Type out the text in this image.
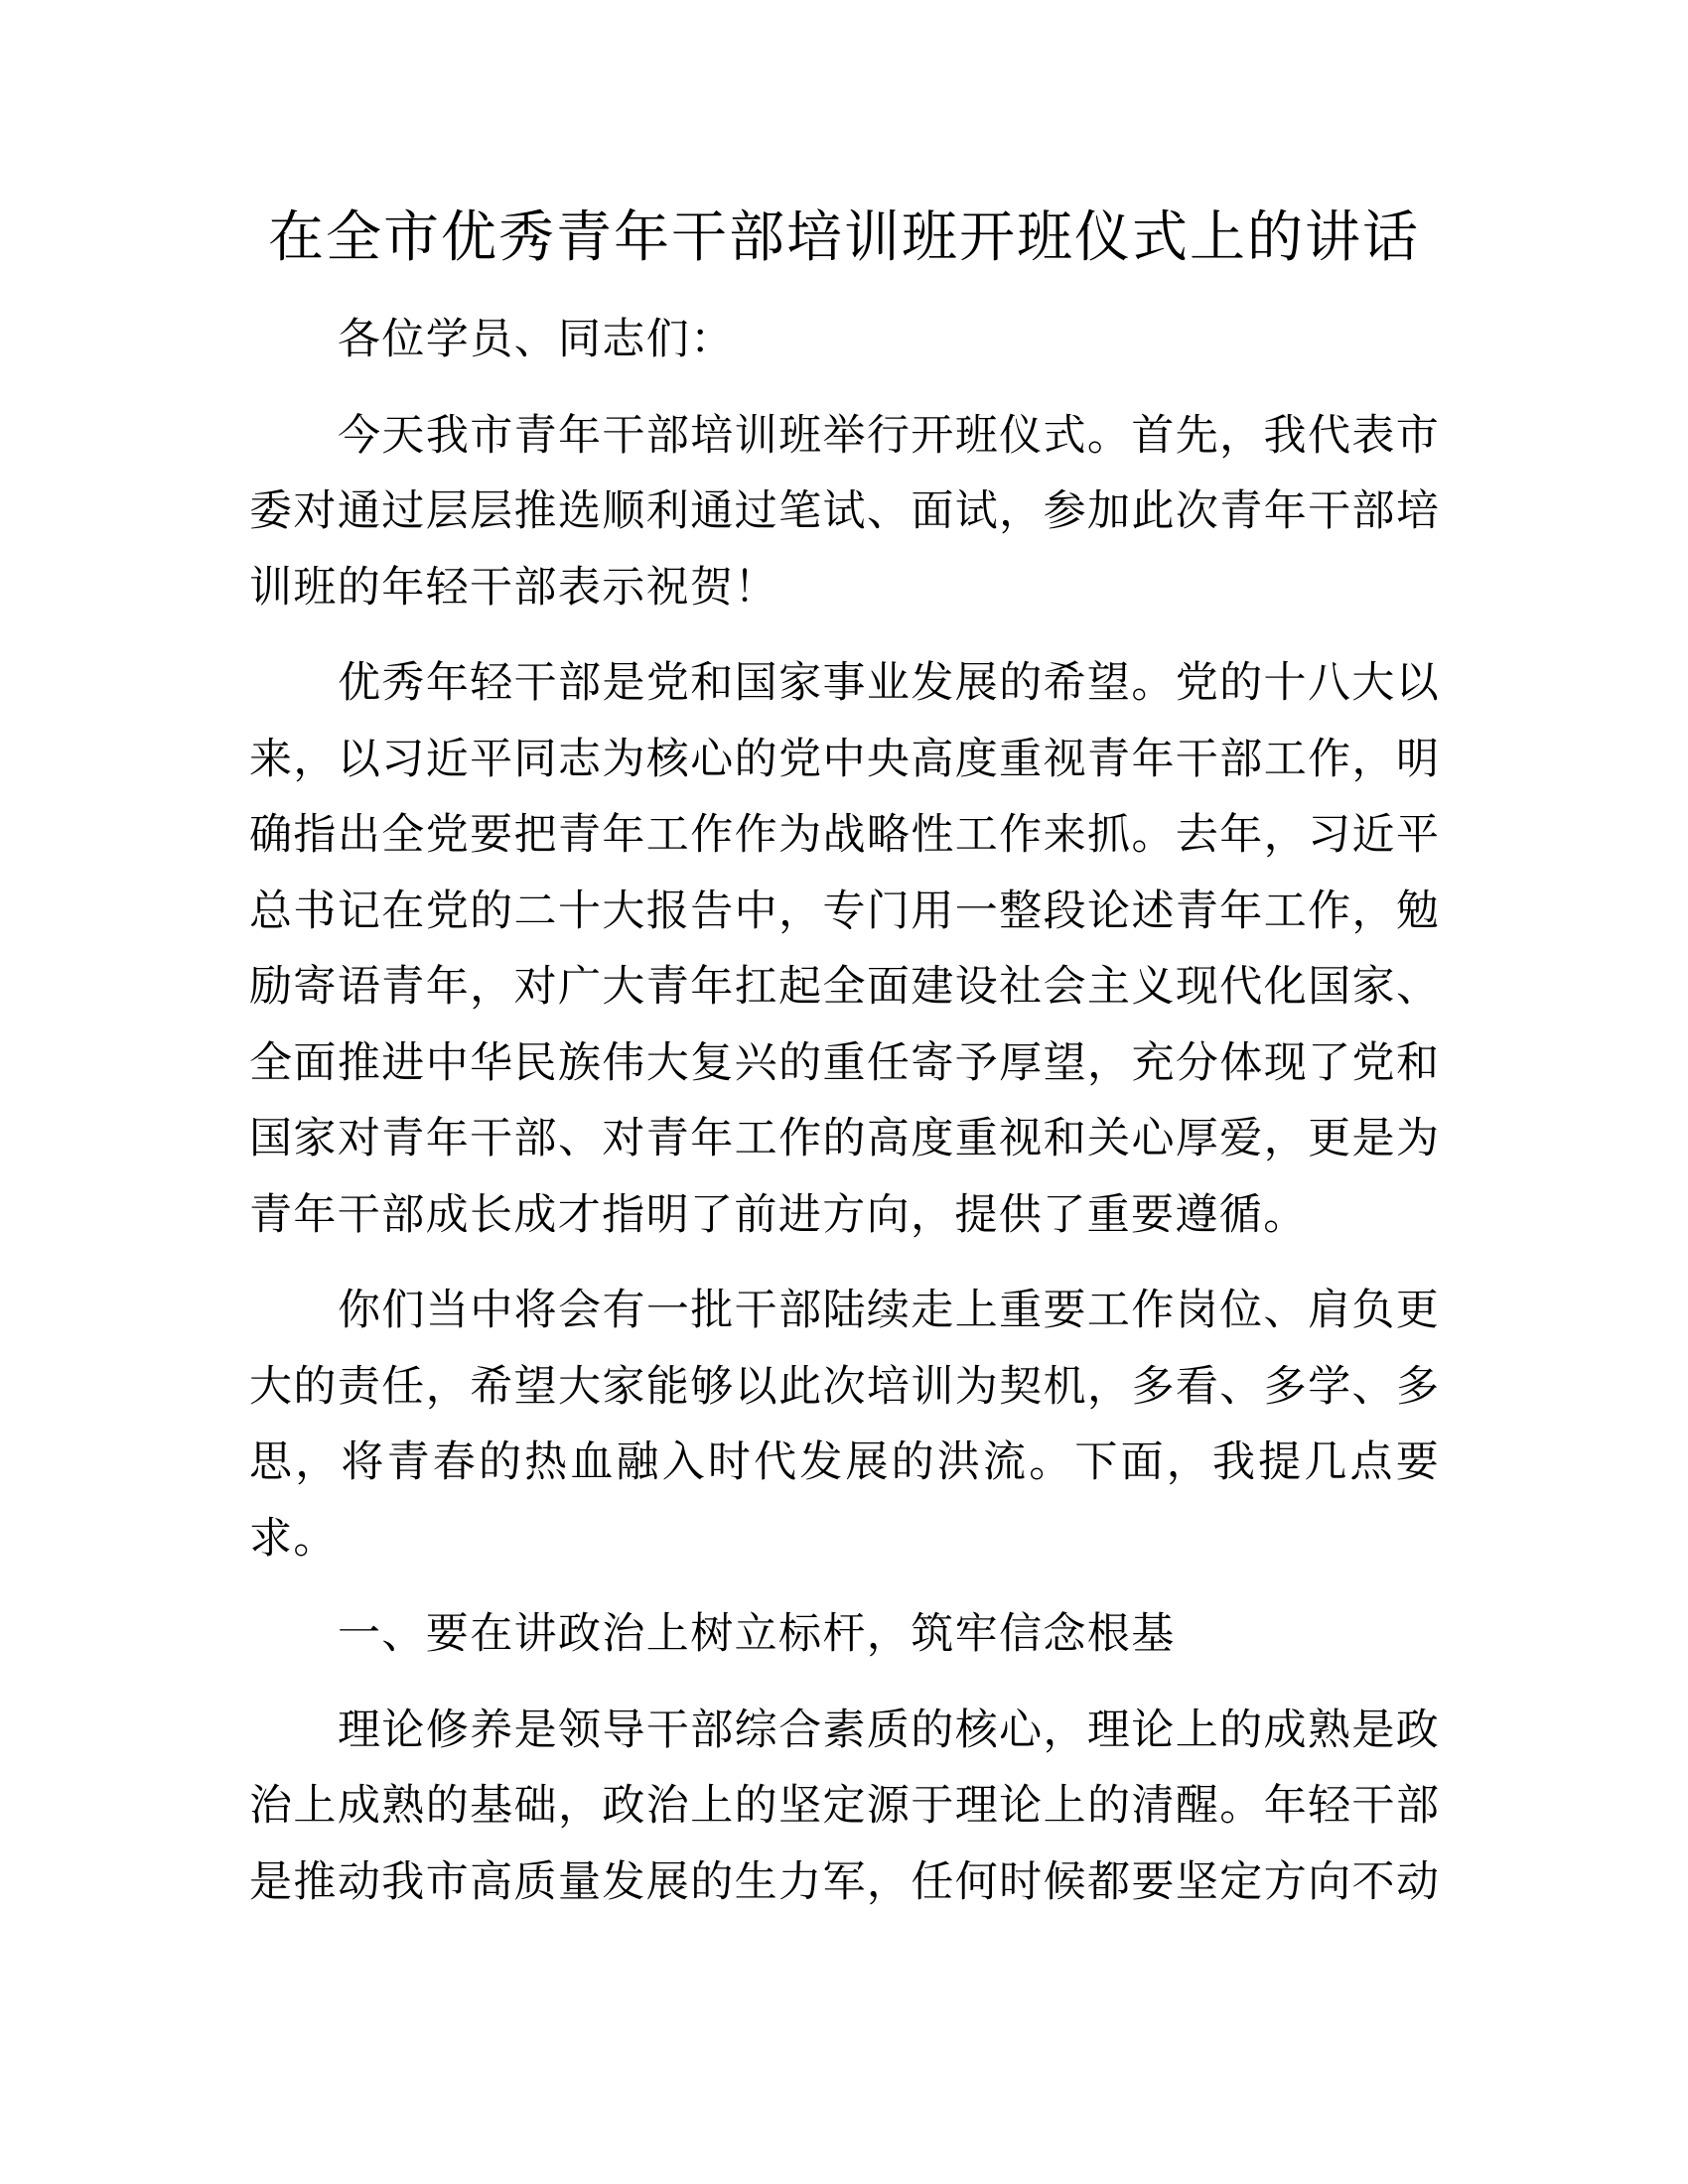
在全市优秀青年干部培训班开班仪式上的讲话
各位学员、同志们：
今 天 我 市 青 年 干 部 培 训 班 举 行 开 班 仪 式 。 首 先 ， 我 代 表 市
委 对 通 过 层 层 推 选 顺 利 通 过 笔 试 、 面 试 ， 参 加 此 次 青 年 干 部 培
训班的年轻干部表示祝贺！
优 秀 年 轻 干 部 是 党 和 国 家 事 业 发 展 的 希 望 。 党 的 十 八 大 以
来 ， 以 习 近 平 同 志 为 核 心 的 党 中 央 高 度 重 视 青 年 干 部 工 作 ， 明
确 指 出 全 党 要 把 青 年 工 作 作 为 战 略 性 工 作 来 抓 。 去 年 ， 习 近 平
总 书 记 在 党 的 二 十 大 报 告 中 ， 专 门 用 一 整 段 论 述 青 年 工 作 ， 勉
励 寄 语 青 年 ， 对 广 大 青 年 扛 起 全 面 建 设 社 会 主 义 现 代 化 国 家 、
全 面 推 进 中 华 民 族 伟 大 复 兴 的 重 任 寄 予 厚 望 ， 充 分 体 现 了 党 和
国 家 对 青 年 干 部 、 对 青 年 工 作 的 高 度 重 视 和 关 心 厚 爱 ， 更 是 为
青年干部成长成才指明了前进方向，提供了重要遵循。
你 们 当 中 将 会 有 一 批 干 部 陆 续 走 上 重 要 工 作 岗 位 、 肩 负 更
大 的 责 任 ， 希 望 大 家 能 够 以 此 次 培 训 为 契 机 ， 多 看 、 多 学 、 多
思 ， 将 青 春 的 热 血 融 入 时 代 发 展 的 洪 流 。 下 面 ， 我 提 几 点 要
求。
一、要在讲政治上树立标杆，筑牢信念根基
理 论 修 养 是 领 导 干 部 综 合 素 质 的 核 心 ， 理 论 上 的 成 熟 是 政
治 上 成 熟 的 基 础 ， 政 治 上 的 坚 定 源 于 理 论 上 的 清 醒 。 年 轻 干 部
是 推 动 我 市 高 质 量 发 展 的 生 力 军 ， 任 何 时 候 都 要 坚 定 方 向 不 动
